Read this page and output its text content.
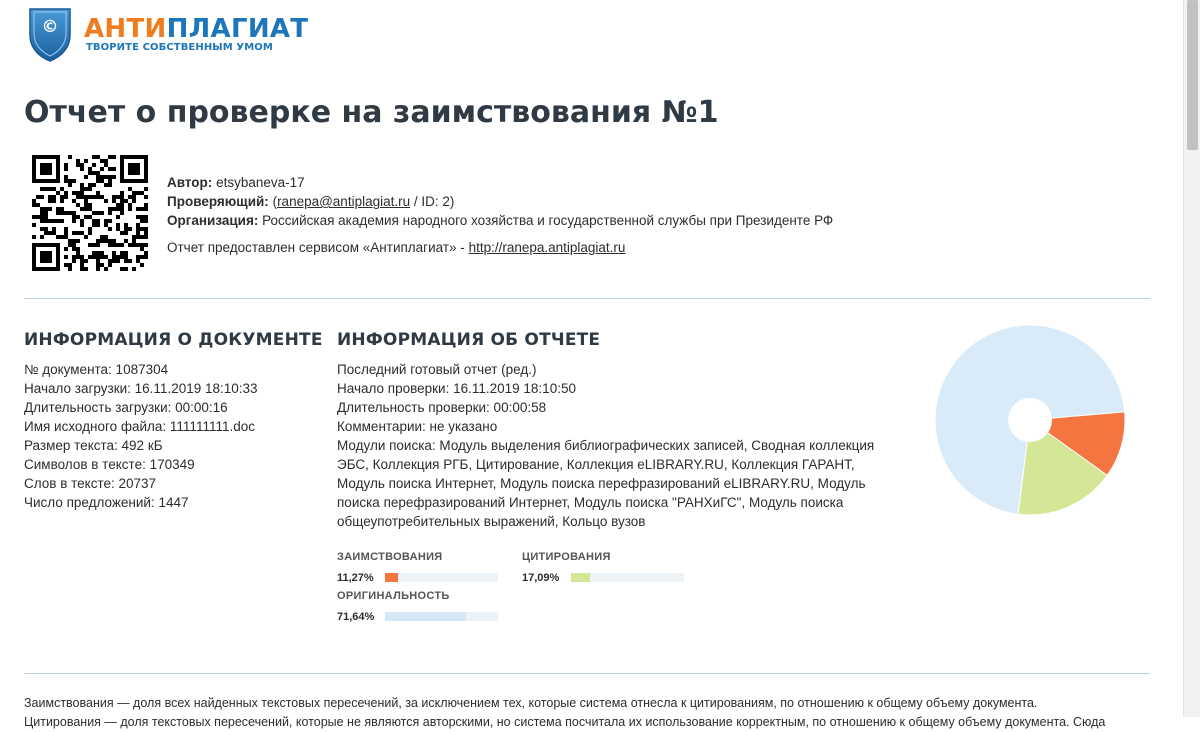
© АНТИПЛАГИАТ
ТВОРИТЕ СОБСТВЕННЫМ УМОМ
Отчет о проверке на заимствования №1
Автор: etsybaneva-17
Проверяющий: (ranepa@antiplagiat.ru / ID: 2)
Организация: Российская академия народного хозяйства и государственной службы при Президенте РФ
Отчет предоставлен сервисом «Антиплагиат» - http://ranepa.antiplagiat.ru
ИНФОРМАЦИЯ О ДОКУМЕНТЕ
№ документа: 1087304
Начало загрузки: 16.11.2019 18:10:33
Длительность загрузки: 00:00:16
Имя исходного файла: 111111111.doc
Размер текста: 492 кБ
Символов в тексте: 170349
Слов в тексте: 20737
Число предложений: 1447
ИНФОРМАЦИЯ ОБ ОТЧЕТЕ
Последний готовый отчет (ред.)
Начало проверки: 16.11.2019 18:10:50
Длительность проверки: 00:00:58
Комментарии: не указано
Модули поиска: Модуль выделения библиографических записей, Сводная коллекция ЭБС, Коллекция РГБ, Цитирование, Коллекция eLIBRARY.RU, Коллекция ГАРАНТ, Модуль поиска Интернет, Модуль поиска перефразирований eLIBRARY.RU, Модуль поиска перефразирований Интернет, Модуль поиска "РАНХиГС", Модуль поиска общеупотребительных выражений, Кольцо вузов
ЗАИМСТВОВАНИЯ
11,27%
ЦИТИРОВАНИЯ
17,09%
ОРИГИНАЛЬНОСТЬ
71,64%
Заимствования — доля всех найденных текстовых пересечений, за исключением тех, которые система отнесла к цитированиям, по отношению к общему объему документа.
Цитирования — доля текстовых пересечений, которые не являются авторскими, но система посчитала их использование корректным, по отношению к общему объему документа. Сюда
